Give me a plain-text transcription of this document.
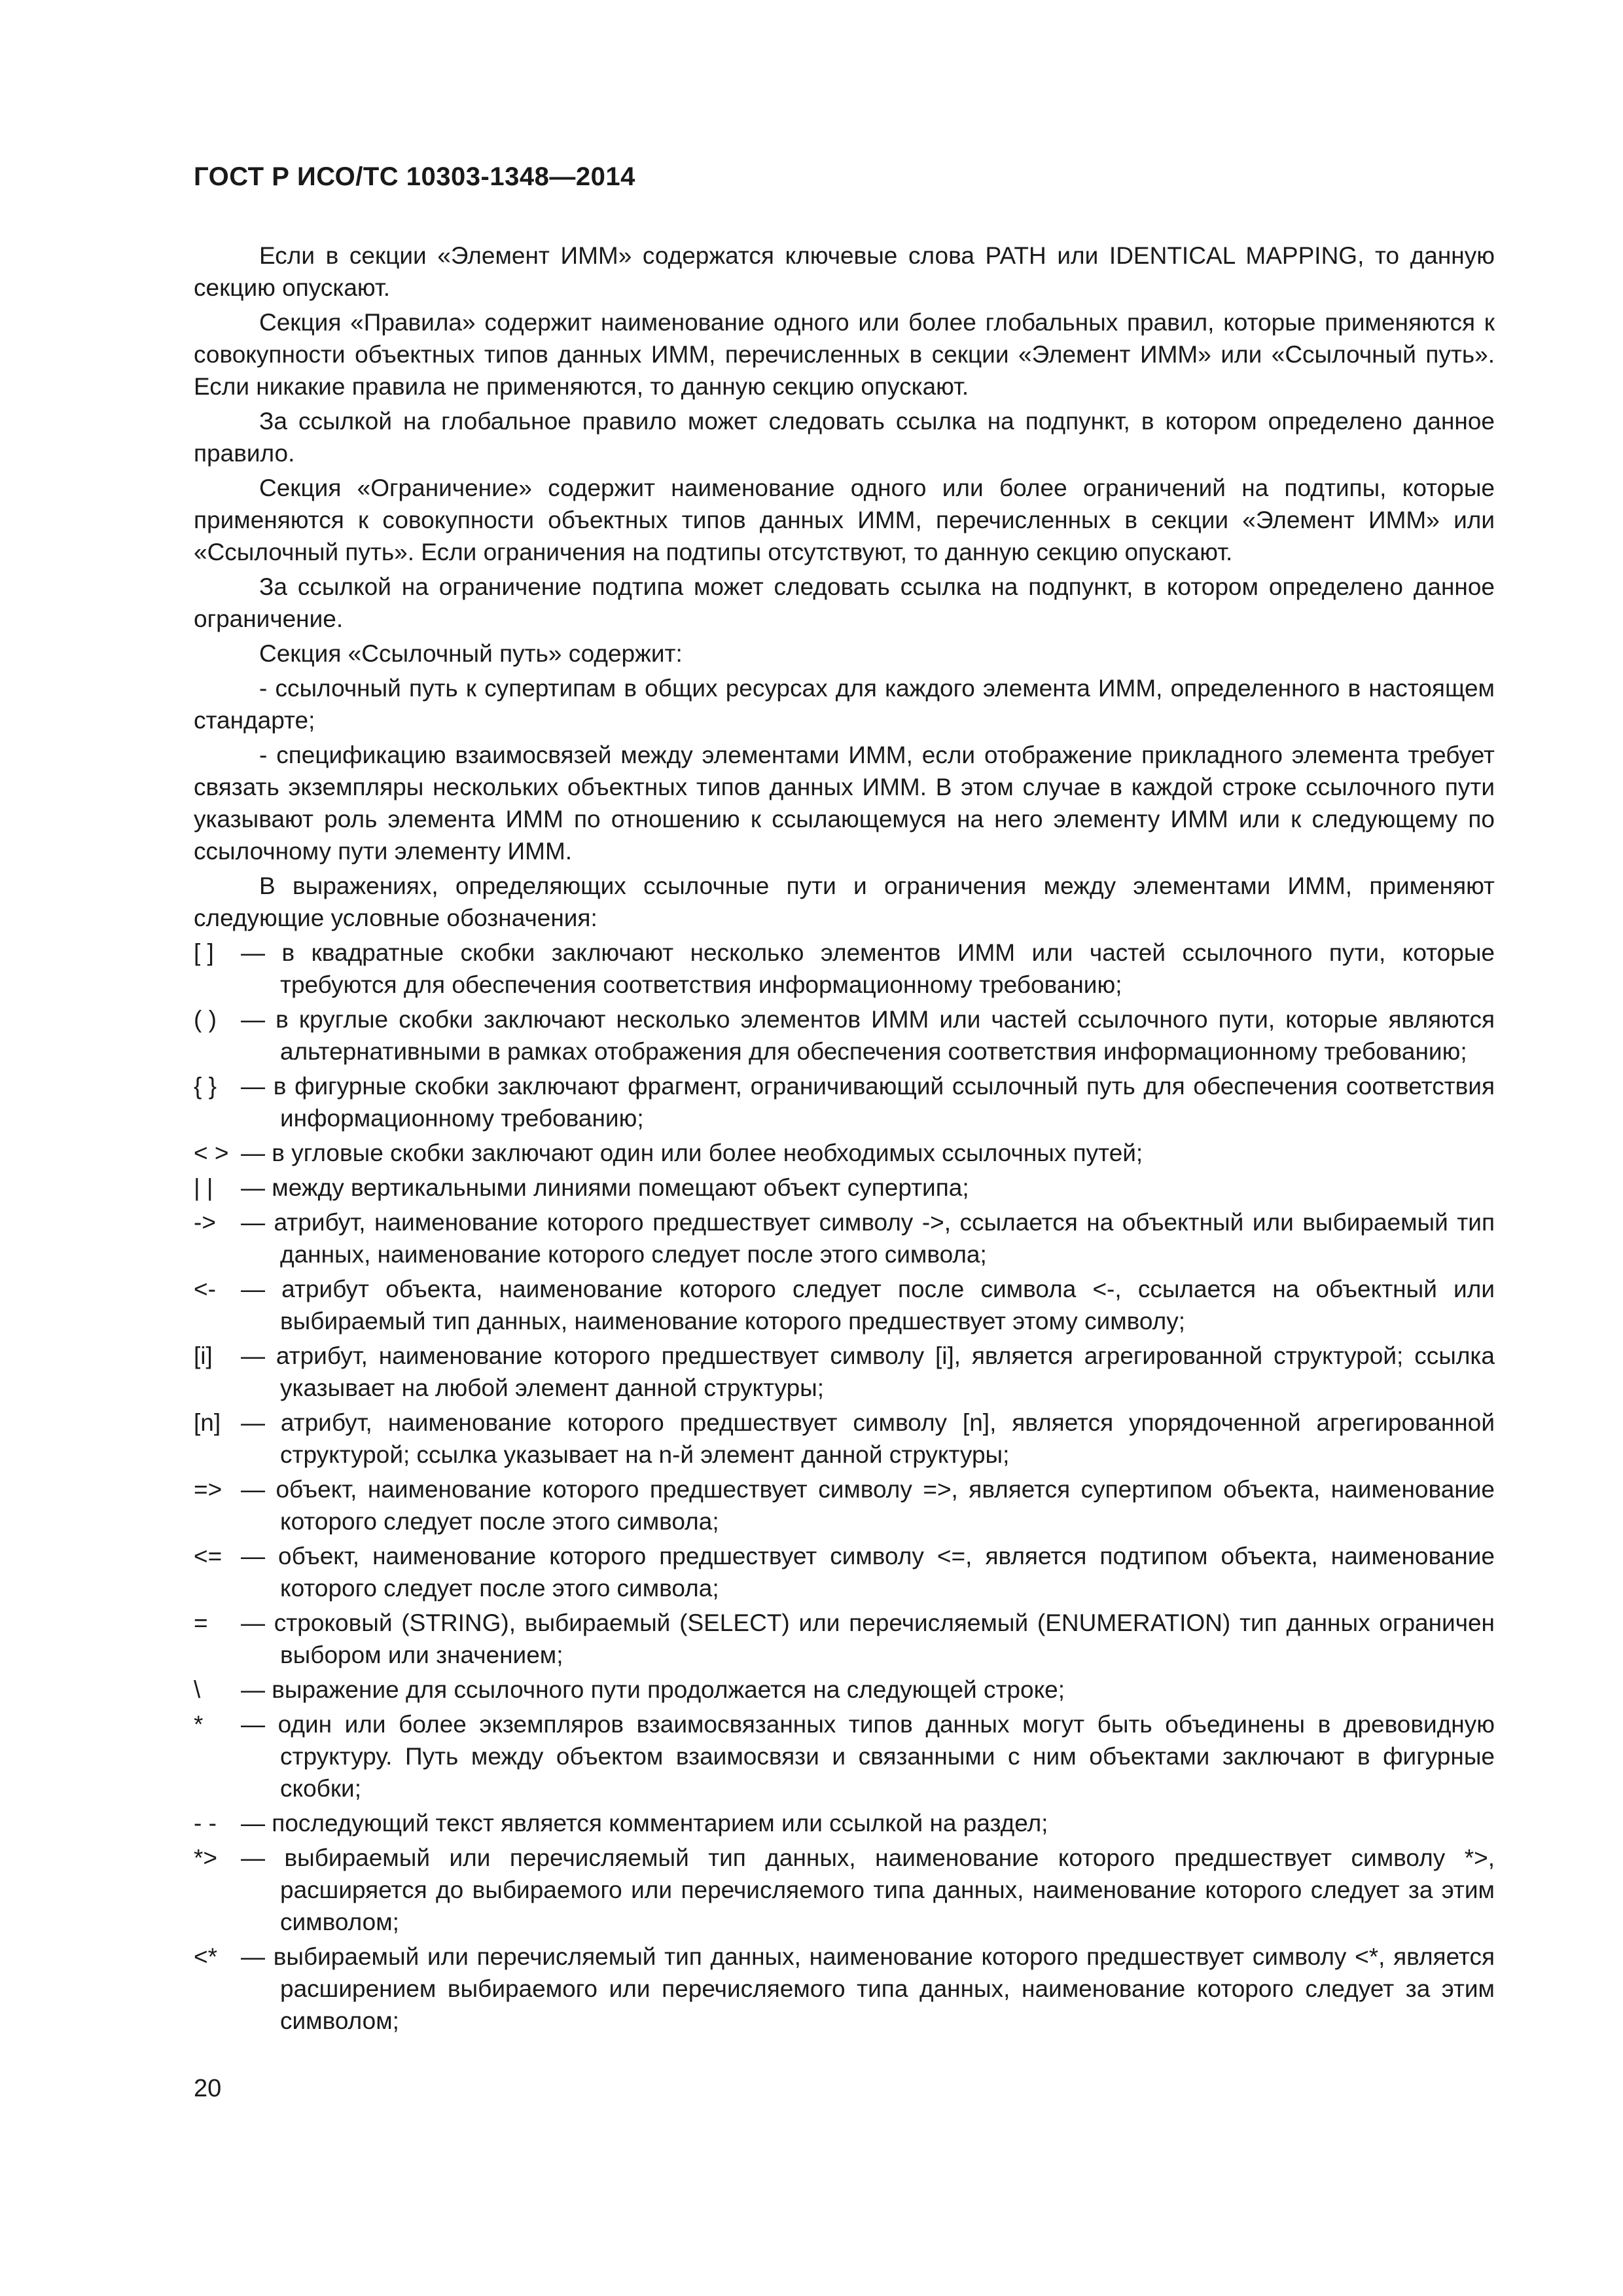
ГОСТ Р ИСО/ТС 10303-1348—2014

Если в секции «Элемент ИММ» содержатся ключевые слова PATH или IDENTICAL MAPPING, то данную секцию опускают.

Секция «Правила» содержит наименование одного или более глобальных правил, которые применяются к совокупности объектных типов данных ИММ, перечисленных в секции «Элемент ИММ» или «Ссылочный путь». Если никакие правила не применяются, то данную секцию опускают.

За ссылкой на глобальное правило может следовать ссылка на подпункт, в котором определено данное правило.

Секция «Ограничение» содержит наименование одного или более ограничений на подтипы, которые применяются к совокупности объектных типов данных ИММ, перечисленных в секции «Элемент ИММ» или «Ссылочный путь». Если ограничения на подтипы отсутствуют, то данную секцию опускают.

За ссылкой на ограничение подтипа может следовать ссылка на подпункт, в котором определено данное ограничение.

Секция «Ссылочный путь» содержит:

- ссылочный путь к супертипам в общих ресурсах для каждого элемента ИММ, определенного в настоящем стандарте;

- спецификацию взаимосвязей между элементами ИММ, если отображение прикладного элемента требует связать экземпляры нескольких объектных типов данных ИММ. В этом случае в каждой строке ссылочного пути указывают роль элемента ИММ по отношению к ссылающемуся на него элементу ИММ или к следующему по ссылочному пути элементу ИММ.

В выражениях, определяющих ссылочные пути и ограничения между элементами ИММ, применяют следующие условные обозначения:

[ ]	— в квадратные скобки заключают несколько элементов ИММ или частей ссылочного пути, которые требуются для обеспечения соответствия информационному требованию;
( )	— в круглые скобки заключают несколько элементов ИММ или частей ссылочного пути, которые являются альтернативными в рамках отображения для обеспечения соответствия информационному требованию;
{ }	— в фигурные скобки заключают фрагмент, ограничивающий ссылочный путь для обеспечения соответствия информационному требованию;
< > — в угловые скобки заключают один или более необходимых ссылочных путей;
| |	— между вертикальными линиями помещают объект супертипа;
->	— атрибут, наименование которого предшествует символу ->, ссылается на объектный или выбираемый тип данных, наименование которого следует после этого символа;
<-	— атрибут объекта, наименование которого следует после символа <-, ссылается на объектный или выбираемый тип данных, наименование которого предшествует этому символу;
[i]	— атрибут, наименование которого предшествует символу [i], является агрегированной структурой; ссылка указывает на любой элемент данной структуры;
[n] — атрибут, наименование которого предшествует символу [n], является упорядоченной агрегированной структурой; ссылка указывает на n-й элемент данной структуры;
=> — объект, наименование которого предшествует символу =>, является супертипом объекта, наименование которого следует после этого символа;
<= — объект, наименование которого предшествует символу <=, является подтипом объекта, наименование которого следует после этого символа;
=	— строковый (STRING), выбираемый (SELECT) или перечисляемый (ENUMERATION) тип данных ограничен выбором или значением;
\	— выражение для ссылочного пути продолжается на следующей строке;
*	— один или более экземпляров взаимосвязанных типов данных могут быть объединены в древовидную структуру. Путь между объектом взаимосвязи и связанными с ним объектами заключают в фигурные скобки;
- -	— последующий текст является комментарием или ссылкой на раздел;
*> — выбираемый или перечисляемый тип данных, наименование которого предшествует символу *>, расширяется до выбираемого или перечисляемого типа данных, наименование которого следует за этим символом;
<* — выбираемый или перечисляемый тип данных, наименование которого предшествует символу <*, является расширением выбираемого или перечисляемого типа данных, наименование которого следует за этим символом;
20
